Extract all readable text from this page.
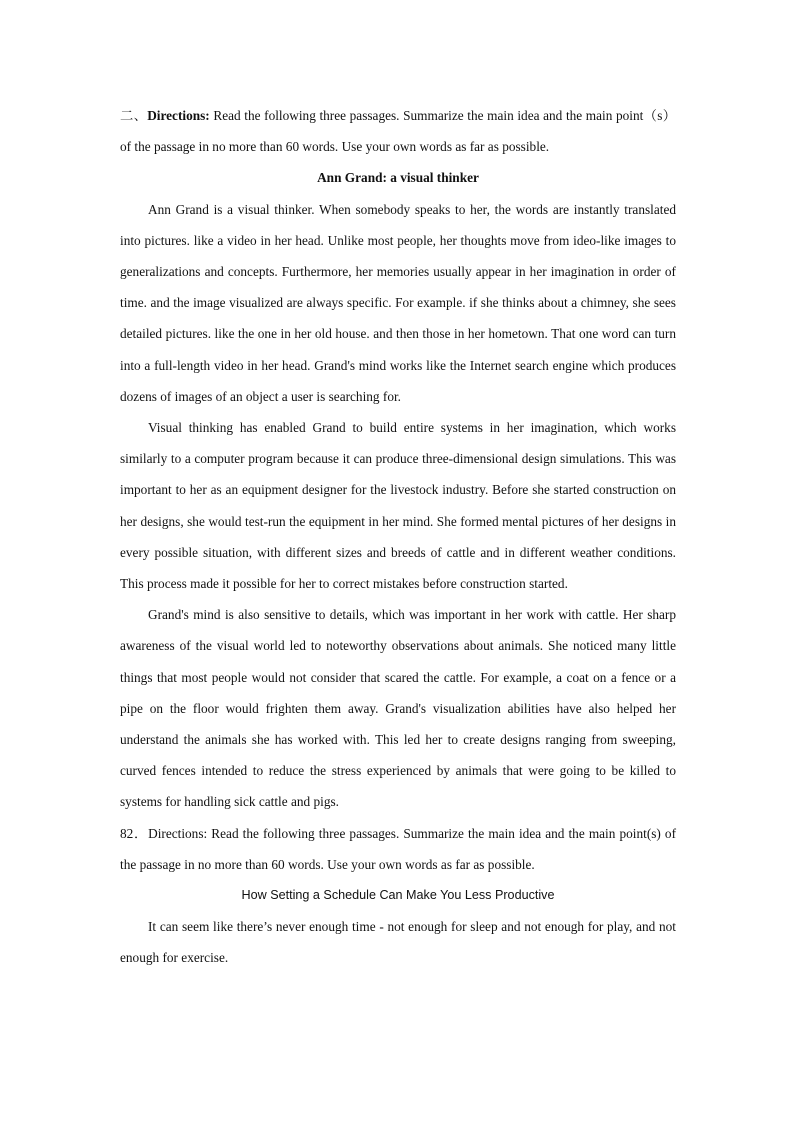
二、Directions: Read the following three passages. Summarize the main idea and the main point（s） of the passage in no more than 60 words. Use your own words as far as possible.

Ann Grand: a visual thinker

Ann Grand is a visual thinker. When somebody speaks to her, the words are instantly translated into pictures. like a video in her head. Unlike most people, her thoughts move from ideo-like images to generalizations and concepts. Furthermore, her memories usually appear in her imagination in order of time. and the image visualized are always specific. For example. if she thinks about a chimney, she sees detailed pictures. like the one in her old house. and then those in her hometown. That one word can turn into a full-length video in her head. Grand's mind works like the Internet search engine which produces dozens of images of an object a user is searching for.

Visual thinking has enabled Grand to build entire systems in her imagination, which works similarly to a computer program because it can produce three-dimensional design simulations. This was important to her as an equipment designer for the livestock industry. Before she started construction on her designs, she would test-run the equipment in her mind. She formed mental pictures of her designs in every possible situation, with different sizes and breeds of cattle and in different weather conditions. This process made it possible for her to correct mistakes before construction started.

Grand's mind is also sensitive to details, which was important in her work with cattle. Her sharp awareness of the visual world led to noteworthy observations about animals. She noticed many little things that most people would not consider that scared the cattle. For example, a coat on a fence or a pipe on the floor would frighten them away. Grand's visualization abilities have also helped her understand the animals she has worked with. This led her to create designs ranging from sweeping, curved fences intended to reduce the stress experienced by animals that were going to be killed to systems for handling sick cattle and pigs.

82．Directions: Read the following three passages. Summarize the main idea and the main point(s) of the passage in no more than 60 words. Use your own words as far as possible.

How Setting a Schedule Can Make You Less Productive

It can seem like there’s never enough time - not enough for sleep and not enough for play, and not enough for exercise.
